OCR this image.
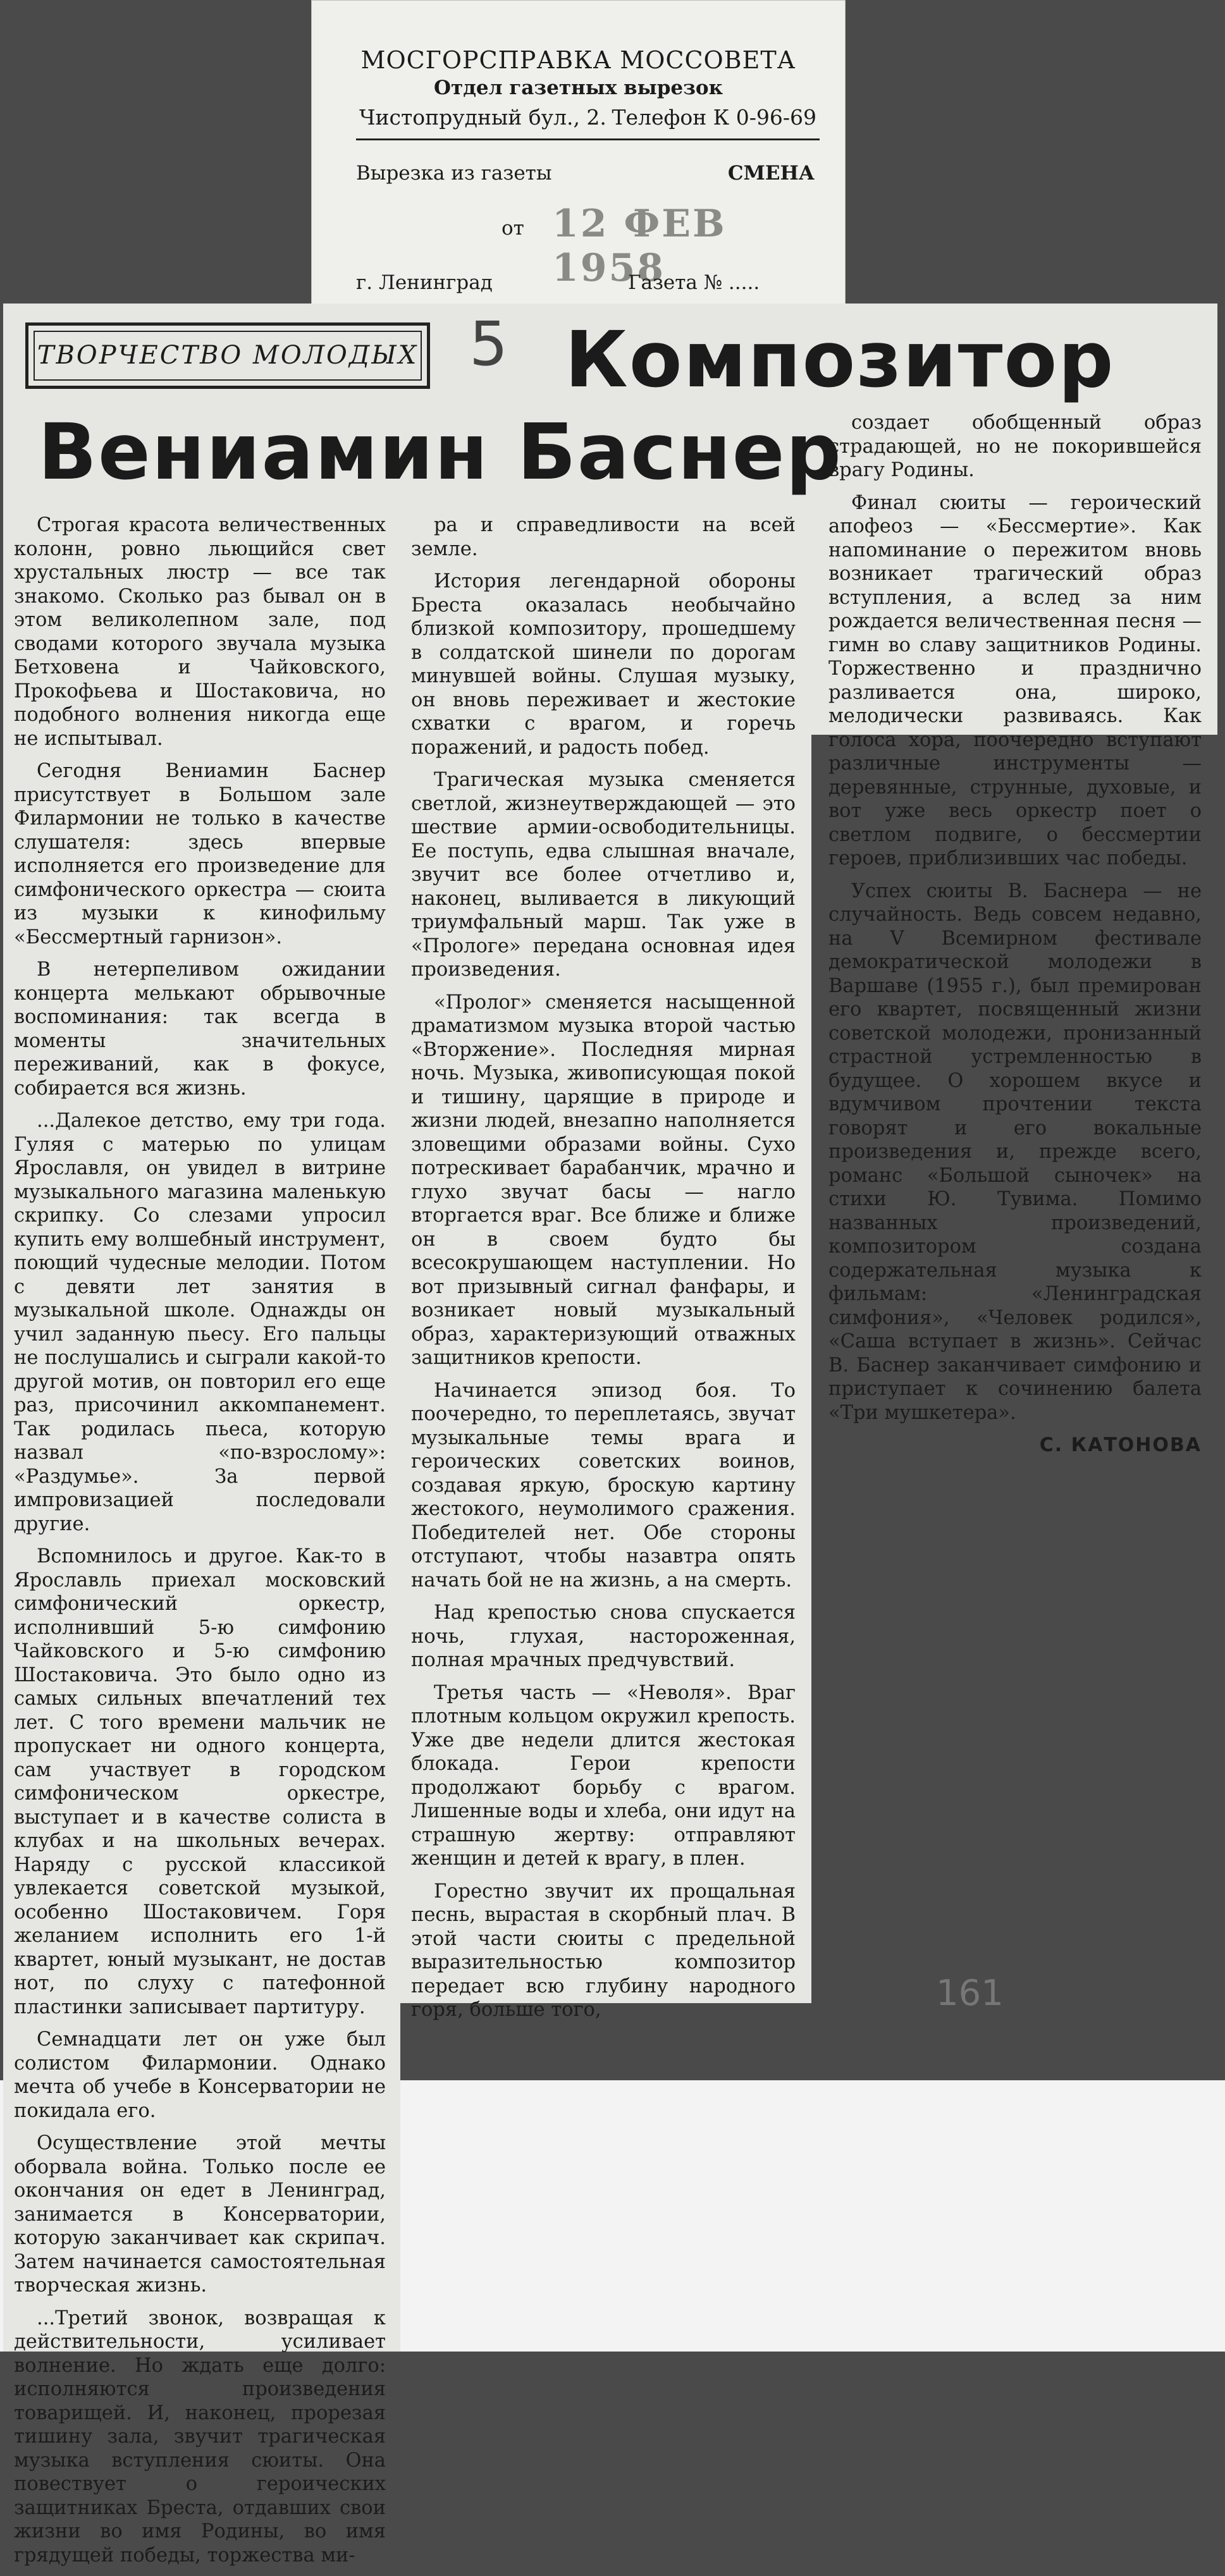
МОСГОРСПРАВКА МОССОВЕТА
Отдел газетных вырезок
Чистопрудный бул., 2. Телефон К 0-96-69
Вырезка из газеты	СМЕНА
от 12 ФЕВ 1958
г. Ленинград	Газета № .....
ТВОРЧЕСТВО МОЛОДЫХ 5 Композитор
Вениамин Баснер

Строгая красота величественных колонн, ровно льющийся свет хрустальных люстр — все так знакомо. Сколько раз бывал он в этом великолепном зале, под сводами которого звучала музыка Бетховена и Чайковского, Прокофьева и Шостаковича, но подобного волнения никогда еще не испытывал.

Сегодня Вениамин Баснер присутствует в Большом зале Филармонии не только в качестве слушателя: здесь впервые исполняется его произведение для симфонического оркестра — сюита из музыки к кинофильму «Бессмертный гарнизон».

В нетерпеливом ожидании концерта мелькают обрывочные воспоминания: так всегда в моменты значительных переживаний, как в фокусе, собирается вся жизнь.

...Далекое детство, ему три года. Гуляя с матерью по улицам Ярославля, он увидел в витрине музыкального магазина маленькую скрипку. Со слезами упросил купить ему волшебный инструмент, поющий чудесные мелодии. Потом с девяти лет занятия в музыкальной школе. Однажды он учил заданную пьесу. Его пальцы не послушались и сыграли какой-то другой мотив, он повторил его еще раз, присочинил аккомпанемент. Так родилась пьеса, которую назвал «по-взрослому»: «Раздумье». За первой импровизацией последовали другие.

Вспомнилось и другое. Как-то в Ярославль приехал московский симфонический оркестр, исполнивший 5-ю симфонию Чайковского и 5-ю симфонию Шостаковича. Это было одно из самых сильных впечатлений тех лет. С того времени мальчик не пропускает ни одного концерта, сам участвует в городском симфоническом оркестре, выступает и в качестве солиста в клубах и на школьных вечерах. Наряду с русской классикой увлекается советской музыкой, особенно Шостаковичем. Горя желанием исполнить его 1-й квартет, юный музыкант, не достав нот, по слуху с патефонной пластинки записывает партитуру.

Семнадцати лет он уже был солистом Филармонии. Однако мечта об учебе в Консерватории не покидала его.

Осуществление этой мечты оборвала война. Только после ее окончания он едет в Ленинград, занимается в Консерватории, которую заканчивает как скрипач. Затем начинается самостоятельная творческая жизнь.

...Третий звонок, возвращая к действительности, усиливает волнение. Но ждать еще долго: исполняются произведения товарищей. И, наконец, прорезая тишину зала, звучит трагическая музыка вступления сюиты. Она повествует о героических защитниках Бреста, отдавших свои жизни во имя Родины, во имя грядущей победы, торжества ми-

ра и справедливости на всей земле.

История легендарной обороны Бреста оказалась необычайно близкой композитору, прошедшему в солдатской шинели по дорогам минувшей войны. Слушая музыку, он вновь переживает и жестокие схватки с врагом, и горечь поражений, и радость побед.

Трагическая музыка сменяется светлой, жизнеутверждающей — это шествие армии-освободительницы. Ее поступь, едва слышная вначале, звучит все более отчетливо и, наконец, выливается в ликующий триумфальный марш. Так уже в «Прологе» передана основная идея произведения.

«Пролог» сменяется насыщенной драматизмом музыка второй частью «Вторжение». Последняя мирная ночь. Музыка, живописующая покой и тишину, царящие в природе и жизни людей, внезапно наполняется зловещими образами войны. Сухо потрескивает барабанчик, мрачно и глухо звучат басы — нагло вторгается враг. Все ближе и ближе он в своем будто бы всесокрушающем наступлении. Но вот призывный сигнал фанфары, и возникает новый музыкальный образ, характеризующий отважных защитников крепости.

Начинается эпизод боя. То поочередно, то переплетаясь, звучат музыкальные темы врага и героических советских воинов, создавая яркую, броскую картину жестокого, неумолимого сражения. Победителей нет. Обе стороны отступают, чтобы назавтра опять начать бой не на жизнь, а на смерть.

Над крепостью снова спускается ночь, глухая, настороженная, полная мрачных предчувствий.

Третья часть — «Неволя». Враг плотным кольцом окружил крепость. Уже две недели длится жестокая блокада. Герои крепости продолжают борьбу с врагом. Лишенные воды и хлеба, они идут на страшную жертву: отправляют женщин и детей к врагу, в плен.

Горестно звучит их прощальная песнь, вырастая в скорбный плач. В этой части сюиты с предельной выразительностью композитор передает всю глубину народного горя, больше того,

создает обобщенный образ страдающей, но не покорившейся врагу Родины.

Финал сюиты — героический апофеоз — «Бессмертие». Как напоминание о пережитом вновь возникает трагический образ вступления, а вслед за ним рождается величественная песня — гимн во славу защитников Родины. Торжественно и празднично разливается она, широко, мелодически развиваясь. Как голоса хора, поочередно вступают различные инструменты — деревянные, струнные, духовые, и вот уже весь оркестр поет о светлом подвиге, о бессмертии героев, приблизивших час победы.

Успех сюиты В. Баснера — не случайность. Ведь совсем недавно, на V Всемирном фестивале демократической молодежи в Варшаве (1955 г.), был премирован его квартет, посвященный жизни советской молодежи, пронизанный страстной устремленностью в будущее. О хорошем вкусе и вдумчивом прочтении текста говорят и его вокальные произведения и, прежде всего, романс «Большой сыночек» на стихи Ю. Тувима. Помимо названных произведений, композитором создана содержательная музыка к фильмам: «Ленинградская симфония», «Человек родился», «Саша вступает в жизнь». Сейчас В. Баснер заканчивает симфонию и приступает к сочинению балета «Три мушкетера».

С. КАТОНОВА
161
